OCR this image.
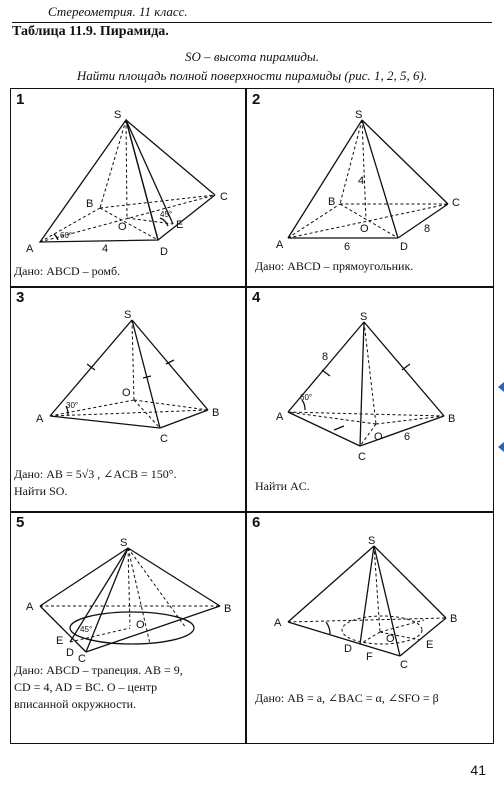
Стереометрия. 11 класс.
Таблица 11.9. Пирамида.
SO – высота пирамиды.
Найти площадь полной поверхности пирамиды (рис. 1, 2, 5, 6).
1
S
A
B
C
D
E
O
4
60°
45°
Дано: ABCD – ромб.
2
S
A
B	C
D
O
4
6
8
Дано: ABCD – прямоугольник.
3
S
A	B
C
O
30°
Дано: AB = 5√3 , ∠ACB = 150°.
Найти SO.
4
S
A	B
C
O
8
6
60°
Найти AC.
5
S
A	B
C
D
E
O
45°
Дано: ABCD – трапеция. AB = 9,
CD = 4, AD = BC. O – центр
вписанной окружности.
6
S
A	B
C
D	E
F
O
Дано: AB = a, ∠BAC = α, ∠SFO = β
41
